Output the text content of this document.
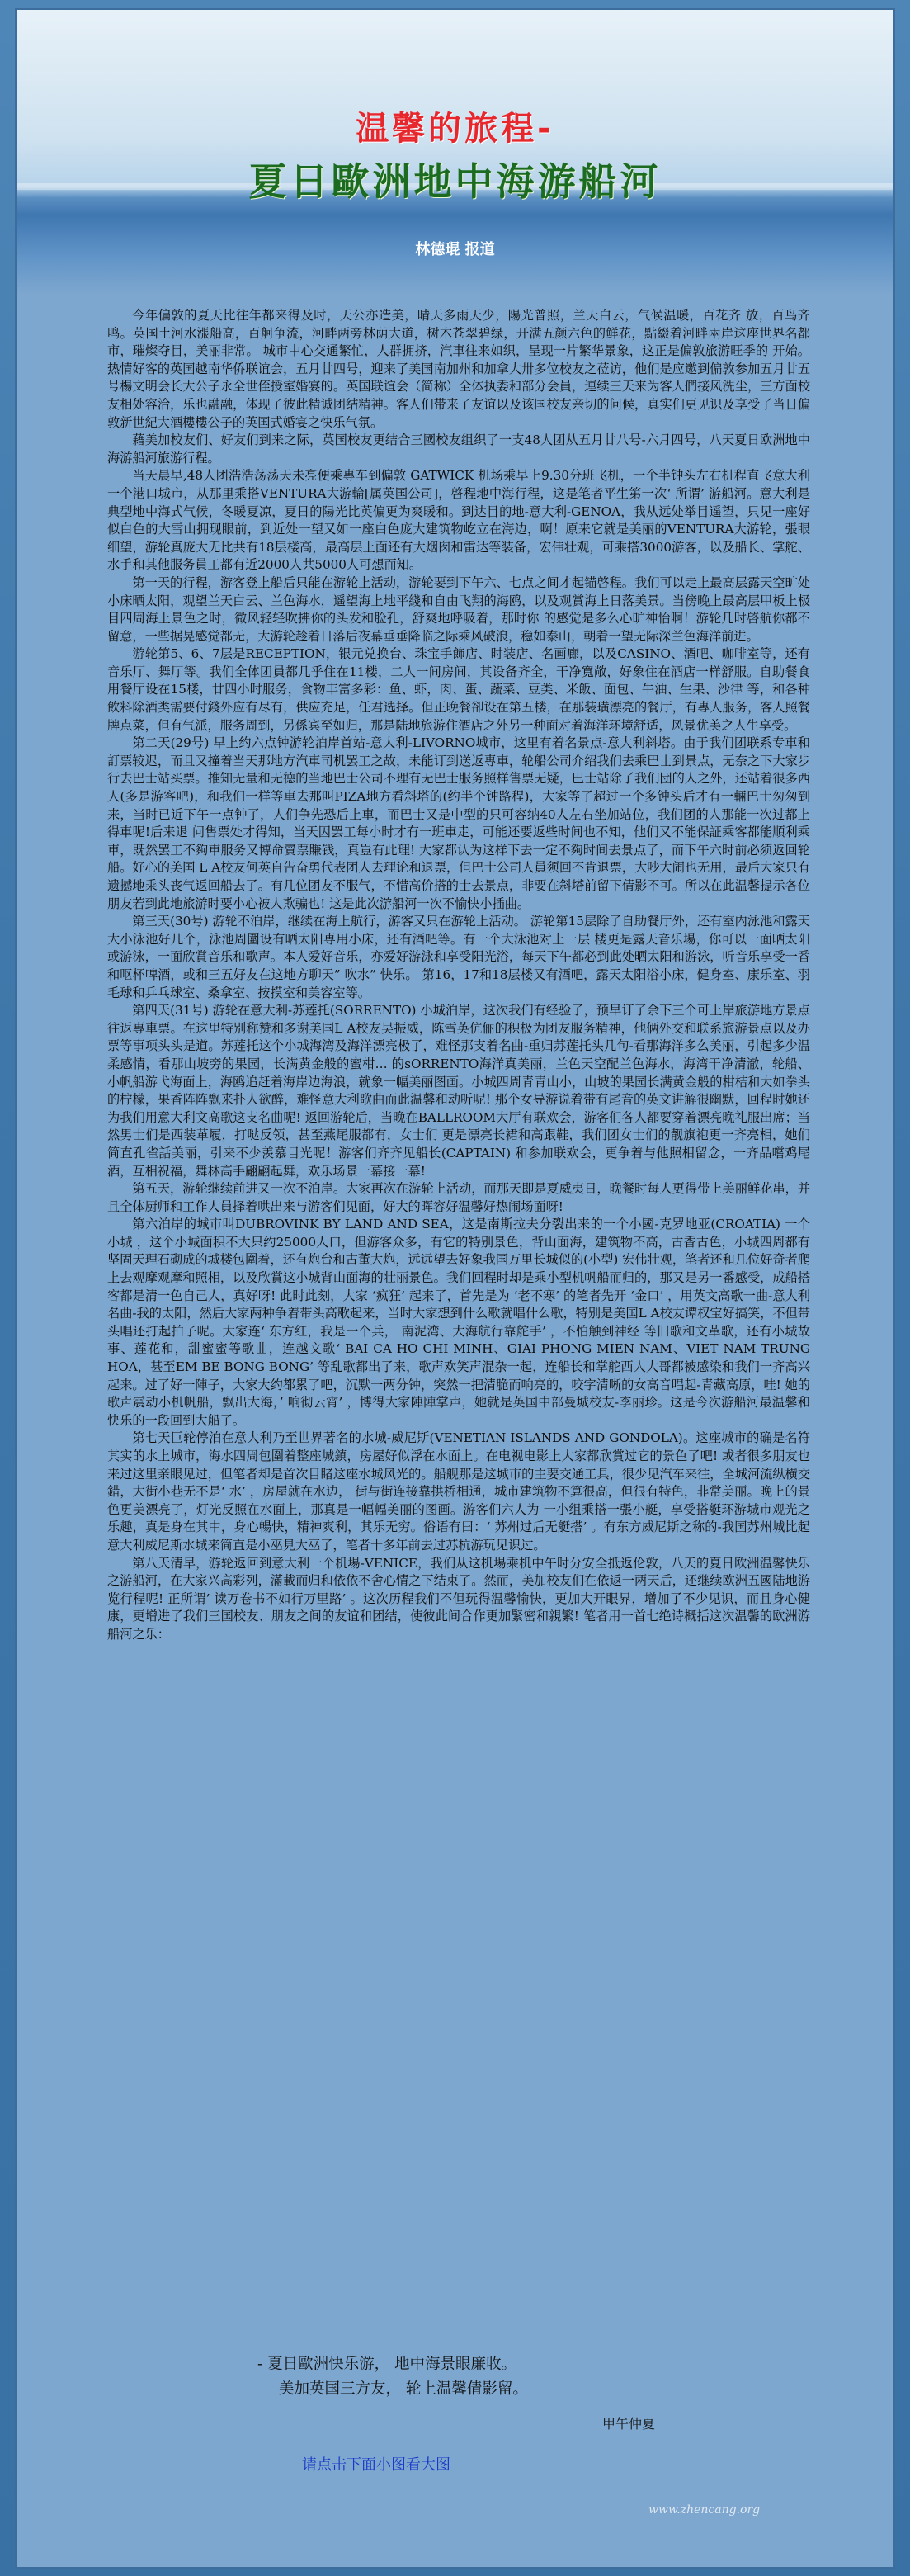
温馨的旅程-
夏日歐洲地中海游船河
林德琨 报道

今年偏敦的夏天比往年都来得及时，天公亦造美，晴天多雨天少，陽光普照，兰天白云，气候温暖，百花齐 放，百鸟齐鸣。英国土河水漲船高，百舸争流，河畔两旁林荫大道，树木苍翠碧绿，开满五颜六色的鲜花，點綴着河畔兩岸这座世界名都市，璀燦夺目，美丽非常。 城市中心交通繁忙，人群拥挤，汽車往来如织，呈现一片繁华景象，这正是偏敦旅游旺季的 开始。热情好客的英国越南华侨联谊会，五月廿四号，迎来了美国南加州和加拿大卅多位校友之莅访，他们是应邀到偏敦参加五月廿五号楊文明会长大公子永全世侄授室婚宴的。英国联谊会（简称）全体执委和部分会員，連续三天来为客人們接风洗尘，三方面校友相处容洽，乐也融融，体现了彼此精诚团结精神。客人们带来了友谊以及该国校友亲切的问候，真实们更见识及享受了当日偏敦新世紀大酒樓樓公子的英国式婚宴之快乐气氛。

藉美加校友们、好友们到来之际，英国校友更结合三國校友组织了一支48人团从五月廿八号-六月四号，八天夏日欧洲地中海游船河旅游行程。

当天晨早,48人团浩浩荡荡天未亮便乘專车到偏敦 GATWICK 机场乘早上9.30分班飞机，一个半钟头左右机程直飞意大利一个港口城市，从那里乘搭VENTURA大游輪[属英国公司]，啓程地中海行程，这是笔者平生第一次‘ 所谓’ 游船河。意大利是典型地中海式气候，冬暖夏凉，夏日的陽光比英偏更为爽暖和。到达目的地-意大利-GENOA，我从远处举目遥望，只见一座好似白色的大雪山拥现眼前，到近处一望又如一座白色庞大建筑物屹立在海边，啊！原来它就是美丽的VENTURA大游轮，張眼细望，游轮真庞大无比共有18层楼高，最高层上面还有大烟囱和雷达等装备，宏伟壮观，可乘搭3000游客，以及船长、掌舵、水手和其他服务員工都有近2000人共5000人可想而知。

第一天的行程，游客登上船后只能在游轮上活动，游轮要到下午六、七点之间才起锚啓程。我们可以走上最高层露天空旷处小床晒太阳，观望兰天白云、兰色海水，遥望海上地平綫和自由飞翔的海鸥，以及观賞海上日落美景。当傍晚上最高层甲板上极目四周海上景色之时，微风轻轻吹拂你的头发和脸孔，舒爽地呼吸着，那时你 的感觉是多么心旷神怡啊！游轮几时啓航你都不留意，一些据晃感觉都无，大游轮趁着日落后夜幕垂垂降临之际乘风破浪，稳如泰山，朝着一望无际深兰色海洋前进。

游轮第5、6、7层是RECEPTION，银元兑换台、珠宝手飾店、时装店、名画廊，以及CASINO、酒吧、咖啡室等，还有音乐厅、舞厅等。我们全体团員都几乎住在11楼，二人一间房间，其设备齐全，干净寬敞，好象住在酒店一样舒服。自助餐食用餐厅设在15楼，廿四小时服务，食物丰富多彩：鱼、虾，肉、蛋、蔬菜、豆类、米飯、面包、牛油、生果、沙律 等，和各种飲料除酒类需要付錢外应有尽有，供应充足，任君选择。但正晚餐卻设在第五楼，在那装璜漂亮的餐厅，有專人服务，客人照餐牌点菜，但有气派，服务周到，另係宾至如归，那是陆地旅游住酒店之外另一种面对着海洋环境舒适，风景优美之人生享受。

第二天(29号) 早上约六点钟游轮泊岸首站-意大利-LIVORNO城市，这里有着名景点-意大利斜塔。由于我们团联系专車和訂票较迟，而且又撞着当天那地方汽車司机罢工之故，未能订到送返專車，轮船公司介绍我们去乘巴士到景点，无奈之下大家步行去巴士站买票。推知无量和无德的当地巴士公司不理有无巴士服务照样售票无疑，巴士站除了我们団的人之外，还站着很多西人(多是游客吧)，和我们一样等車去那叫PIZA地方看斜塔的(约半个钟路程)，大家等了超过一个多钟头后才有一輛巴士匆匆到来，当时已近下午一点钟了，人们争先恐后上車，而巴士又是中型的只可容纳40人左右坐加站位，我们团的人那能一次过都上得車呢!后来退 问售票处才得知，当天因罢工每小时才有一班車走，可能还要返些时间也不知，他们又不能保証乘客都能順利乘車，既然罢工不夠車服务又博命賣票賺钱，真豈有此理! 大家都认为这样下去一定不夠时间去景点了，而下午六时前必须返回轮船。好心的美国 L A校友何英自告奋勇代表团人去理论和退票，但巴士公司人員须回不肯退票，大吵大闹也无用，最后大家只有遗撼地乘头丧气返回船去了。有几位团友不服气，不惜高价搭的士去景点，非要在斜塔前留下倩影不可。所以在此温馨提示各位朋友若到此地旅游时要小心被人欺骗也! 这是此次游船河一次不愉快小插曲。

第三天(30号) 游轮不泊岸，继续在海上航行，游客又只在游轮上活动。 游轮第15层除了自助餐厅外，还有室内泳池和露天大小泳池好几个，泳池周圍设有晒太阳専用小床，还有酒吧等。有一个大泳池对上一层 楼更是露天音乐場，你可以一面晒太阳或游泳，一面欣賞音乐和歌声。本人爱好音乐，亦爱好游泳和享受阳光浴，每天下午都必到此处晒太阳和游泳，听音乐享受一番和呕杯啤酒，或和三五好友在这地方聊天” 吹水” 快乐。 第16，17和18层楼又有酒吧，露天太阳浴小床，健身室、康乐室、羽毛球和乒乓球室、桑拿室、按摸室和美容室等。

第四天(31号) 游轮在意大利-苏莲托(SORRENTO) 小城泊岸，这次我们有经验了，预早订了余下三个可上岸旅游地方景点往返專車票。在这里特别称赞和多谢美国L A校友吴振威，陈雪英伉俪的积极为团友服务精神，他俩外交和联系旅游景点以及办票等事项头头是道。苏莲托这个小城海湾及海洋漂亮极了，难怪那支着名曲-重归苏莲托头几句-看那海洋多么美丽，引起多少温柔感情，看那山坡旁的果园，长满黄金般的蜜柑… 的sORRENTO海洋真美丽，兰色天空配兰色海水，海湾干净清澈，轮船、小帆船游弋海面上，海鸥追赶着海岸边海浪，就象一幅美丽图画。小城四周青青山小，山坡的果园长满黄金般的柑桔和大如拳头的柠檬，果香阵阵飘来扑人欲醉，难怪意大利歌曲而此温馨和动听呢! 那个女导游说着带有尾音的英文讲解很幽默，回程时她还为我们用意大利文高歌这支名曲呢! 返回游轮后，当晚在BALLROOM大厅有联欢会，游客们各人都要穿着漂亮晚礼服出席；当然男士们是西装革履，打哒反领，甚至燕尾服都有，女士们 更是漂亮长裙和高跟鞋，我们团女士们的靓旗袍更一齐亮相，她们简直孔雀話美丽，引来不少羡慕目光呢！游客们齐齐见船长(CAPTAIN) 和参加联欢会，更争着与他照相留念，一齐品嚐鸡尾酒，互相祝福，舞林高手翩翩起舞，欢乐场景一幕接一幕!

第五天，游轮继续前进又一次不泊岸。大家再次在游轮上活动，而那天即是夏威夷日，晚餐时每人更得带上美丽鲜花串，并且全体厨师和工作人員择着哄出来与游客们见面，好大的晖容好温馨好热闹场面呀!

第六泊岸的城市叫DUBROVINK BY LAND AND SEA，这是南斯拉夫分裂出来的一个小國-克罗地亚(CROATIA) 一个小城 ，这个小城面积不大只约25000人口，但游客众多，有它的特别景色，背山面海，建筑物不高，古香古色，小城四周都有坚固天理石砌成的城楼包圍着，还有炮台和古董大炮，远远望去好象我国万里长城似的(小型) 宏伟壮观，笔者还和几位好奇者爬上去观摩观摩和照相，以及欣賞这小城背山面海的壮丽景色。我们回程时却是乘小型机帆船而归的，那又是另一番感受，成船搭客都是清一色自己人，真好呀! 此时此刻，大家 ‘疯狂’ 起来了，首先是为 ‘老不寒’ 的笔者先开 ‘金口’ ，用英文高歌一曲-意大利名曲-我的太阳，然后大家两种争着带头高歌起来，当时大家想到什么歌就唱什么歌，特别是美国L A校友谭权宝好搞笑，不但带头唱还打起拍子呢。大家连‘ 东方红，我是一个兵， 南泥湾、大海航行靠舵手’ ，不怕触到神经 等旧歌和文革歌，还有小城故事、莲花和，甜蜜蜜等歌曲，连越文歌‘ BAI CA HO CHI MINH、GIAI PHONG MIEN NAM、VIET NAM TRUNG HOA，甚至EM BE BONG BONG’ 等乱歌都出了来，歌声欢笑声混杂一起，连船长和掌舵西人大哥都被感染和我们一齐高兴起来。过了好一陣子，大家大约都累了吧，沉默一两分钟，突然一把清脆而响亮的，咬字清晰的女高音唱起-青藏高原，哇! 她的歌声震动小机帆船，飘出大海，’ 响彻云宵’ ，博得大家陣陣掌声，她就是英国中部曼城校友-李丽珍。这是今次游船河最温馨和快乐的一段回到大船了。

第七天巨轮停泊在意大利乃至世界著名的水城-威尼斯(VENETIAN ISLANDS AND GONDOLA)。这座城市的确是名符其实的水上城市，海水四周包圍着整座城鎮，房屋好似浮在水面上。在电视电影上大家都欣賞过它的景色了吧! 或者很多朋友也来过这里亲眼见过，但笔者却是首次目睹这座水城风光的。船舰那是这城市的主要交通工具，很少见汽车来往，全城河流纵横交錯，大街小巷无不是‘ 水’ ，房屋就在水边， 街与街连接靠拱桥相通，城市建筑物不算很高，但很有特色，非常美丽。晚上的景色更美漂亮了，灯光反照在水面上，那真是一幅幅美丽的图画。游客们六人为 一小组乘搭一張小艇，享受搭艇环游城市观光之乐趣，真是身在其中，身心暢快，精神爽利，其乐无穷。俗语有曰：‘ 苏州过后无艇搭’ 。有东方威尼斯之称的-我国苏州城比起意大利威尼斯水城来简直是小巫見大巫了，笔者十多年前去过苏杭游玩见识过。

第八天清早，游轮返回到意大利一个机場-VENICE，我们从这机場乘机中午时分安全抵返伦敦，八天的夏日欧洲温馨快乐之游船河，在大家兴高彩列，滿載而归和依依不舍心情之下结束了。然而，美加校友们在依返一两天后，还继续欧洲五國陆地游览行程呢! 正所谓’ 读万卷书不如行万里路’ 。这次历程我们不但玩得温馨愉快，更加大开眼界，增加了不少见识，而且身心健康，更增进了我们三国校友、朋友之间的友谊和团结，使彼此间合作更加緊密和親繁! 笔者用一首七绝诗概括这次温馨的欧洲游船河之乐：

- 夏日歐洲快乐游， 地中海景眼廉收。
美加英国三方友， 轮上温馨倩影留。
甲午仲夏
请点击下面小图看大图
www.zhencang.org
